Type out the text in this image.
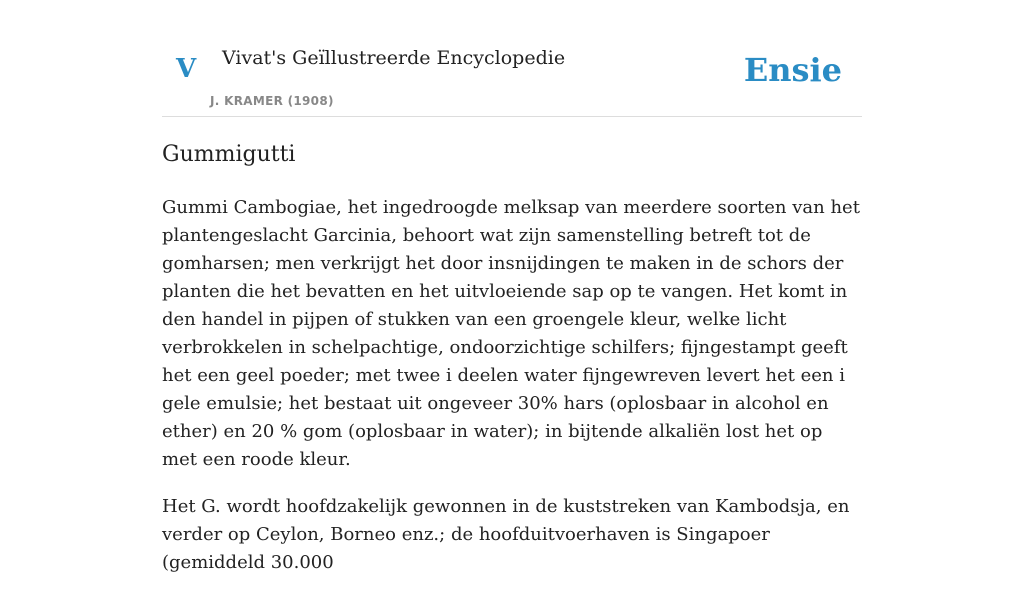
V Vivat's Geïllustreerde Encyclopedie
J. KRAMER (1908)
Ensie
Gummigutti

Gummi Cambogiae, het ingedroogde melksap van meerdere soorten van het plantengeslacht Garcinia, behoort wat zijn samenstelling betreft tot de gomharsen; men verkrijgt het door insnijdingen te maken in de schors der planten die het bevatten en het uitvloeiende sap op te vangen. Het komt in den handel in pijpen of stukken van een groengele kleur, welke licht verbrokkelen in schelpachtige, ondoorzichtige schilfers; fijngestampt geeft het een geel poeder; met twee i deelen water fijngewreven levert het een i gele emulsie; het bestaat uit ongeveer 30% hars (oplosbaar in alcohol en ether) en 20 % gom (oplosbaar in water); in bijtende alkaliën lost het op met een roode kleur.

Het G. wordt hoofdzakelijk gewonnen in de kuststreken van Kambodsja, en verder op Ceylon, Borneo enz.; de hoofduitvoerhaven is Singapoer (gemiddeld 30.000
